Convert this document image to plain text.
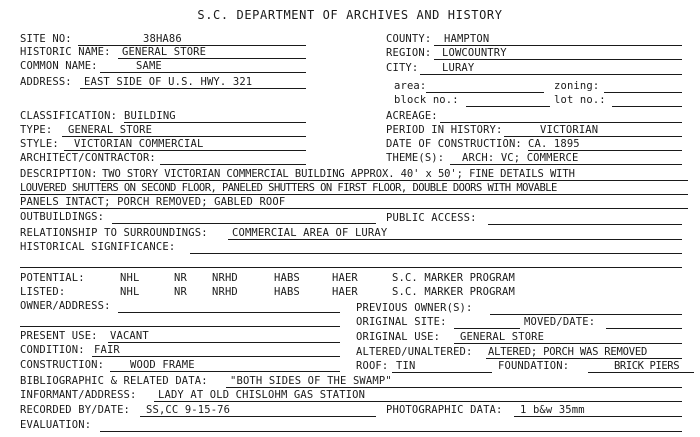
S.C. DEPARTMENT OF ARCHIVES AND HISTORY
SITE NO:	38HA86
HISTORIC NAME: GENERAL STORE
COMMON NAME:	SAME
ADDRESS: EAST SIDE OF U.S. HWY. 321
COUNTY: HAMPTON
REGION: LOWCOUNTRY
CITY: LURAY
area:	zoning:
block no.:	lot no.:
CLASSIFICATION: BUILDING
TYPE: GENERAL STORE
STYLE: VICTORIAN COMMERCIAL
ARCHITECT/CONTRACTOR:
ACREAGE:
PERIOD IN HISTORY:	VICTORIAN
DATE OF CONSTRUCTION: CA. 1895
THEME(S): ARCH: VC; COMMERCE
DESCRIPTION: TWO STORY VICTORIAN COMMERCIAL BUILDING APPROX. 40' x 50'; FINE DETAILS WITH
LOUVERED SHUTTERS ON SECOND FLOOR, PANELED SHUTTERS ON FIRST FLOOR, DOUBLE DOORS WITH MOVABLE
PANELS INTACT; PORCH REMOVED; GABLED ROOF
OUTBUILDINGS:	PUBLIC ACCESS:
RELATIONSHIP TO SURROUNDINGS: COMMERCIAL AREA OF LURAY
HISTORICAL SIGNIFICANCE:
POTENTIAL:	NHL	NR NRHD	HABS	HAER	S.C. MARKER PROGRAM
LISTED:	NHL	NR NRHD	HABS	HAER	S.C. MARKER PROGRAM
OWNER/ADDRESS:	PREVIOUS OWNER(S):
ORIGINAL SITE:	MOVED/DATE:
PRESENT USE: VACANT	ORIGINAL USE: GENERAL STORE
CONDITION: FAIR	ALTERED/UNALTERED: ALTERED; PORCH WAS REMOVED
CONSTRUCTION: WOOD FRAME	ROOF: TIN	FOUNDATION:	BRICK PIERS
BIBLIOGRAPHIC & RELATED DATA: "BOTH SIDES OF THE SWAMP"
INFORMANT/ADDRESS: LADY AT OLD CHISLOHM GAS STATION
RECORDED BY/DATE: SS,CC 9-15-76	PHOTOGRAPHIC DATA: 1 b&w 35mm
EVALUATION:
